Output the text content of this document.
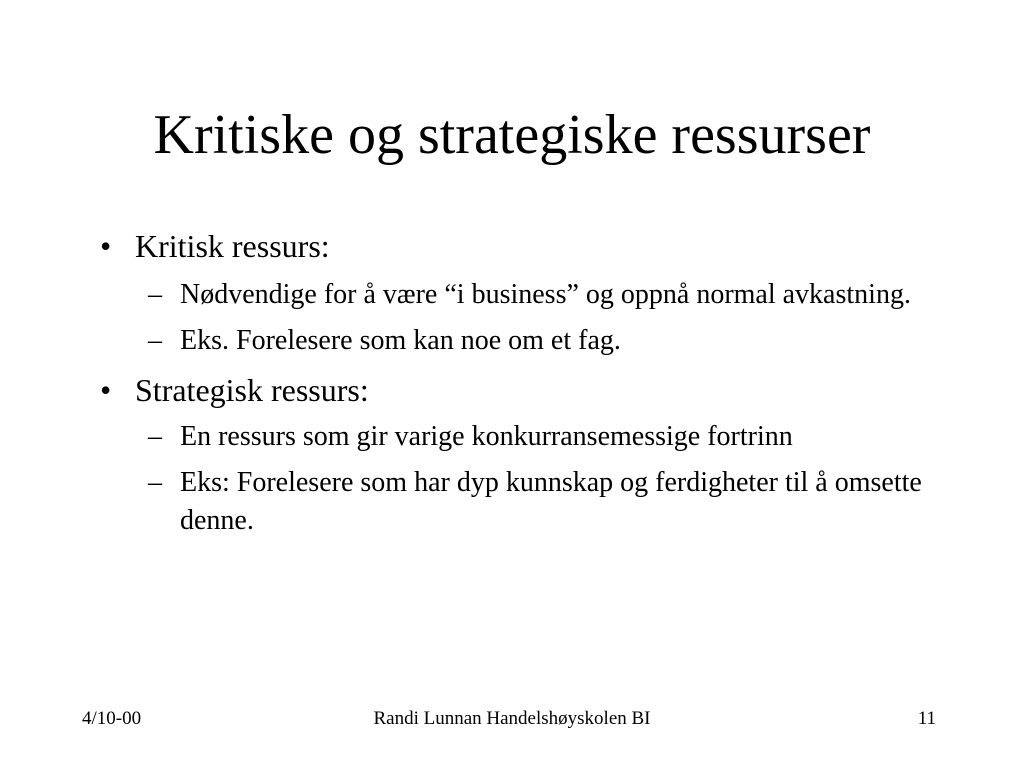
Kritiske og strategiske ressurser
• Kritisk ressurs:
– Nødvendige for å være “i business” og oppnå normal avkastning.
– Eks. Forelesere som kan noe om et fag.
• Strategisk ressurs:
– En ressurs som gir varige konkurransemessige fortrinn
– Eks: Forelesere som har dyp kunnskap og ferdigheter til å omsette denne.
4/10-00	Randi Lunnan Handelshøyskolen BI	11
